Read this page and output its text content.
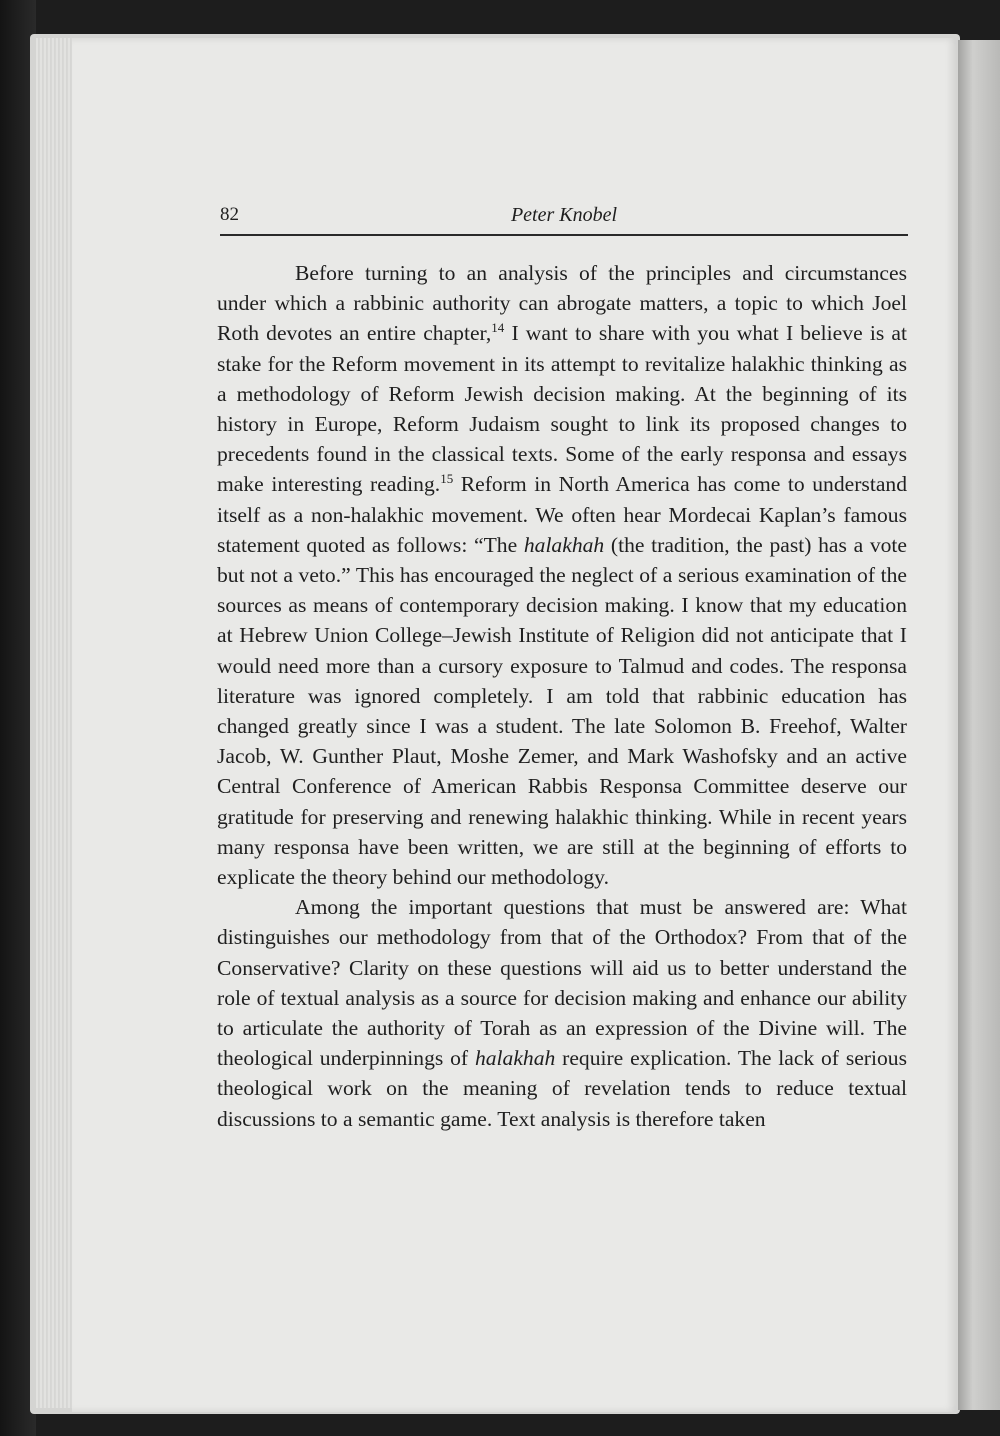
82	Peter Knobel

Before turning to an analysis of the principles and circumstances under which a rabbinic authority can abrogate matters, a topic to which Joel Roth devotes an entire chapter,$^{14}$ I want to share with you what I believe is at stake for the Reform movement in its attempt to revitalize halakhic thinking as a methodology of Reform Jewish decision making. At the beginning of its history in Europe, Reform Judaism sought to link its proposed changes to precedents found in the classical texts. Some of the early responsa and essays make interesting reading.$^{15}$ Reform in North America has come to understand itself as a non-halakhic movement. We often hear Mordecai Kaplan’s famous statement quoted as follows: “The halakhah (the tradition, the past) has a vote but not a veto.” This has encouraged the neglect of a serious examination of the sources as means of contemporary decision making. I know that my education at Hebrew Union College–Jewish Institute of Religion did not anticipate that I would need more than a cursory exposure to Talmud and codes. The responsa literature was ignored completely. I am told that rabbinic education has changed greatly since I was a student. The late Solomon B. Freehof, Walter Jacob, W. Gunther Plaut, Moshe Zemer, and Mark Washofsky and an active Central Conference of American Rabbis Responsa Committee deserve our gratitude for preserving and renewing halakhic thinking. While in recent years many responsa have been written, we are still at the beginning of efforts to explicate the theory behind our methodology.

Among the important questions that must be answered are: What distinguishes our methodology from that of the Orthodox? From that of the Conservative? Clarity on these questions will aid us to better understand the role of textual analysis as a source for decision making and enhance our ability to articulate the authority of Torah as an expression of the Divine will. The theological underpinnings of halakhah require explication. The lack of serious theological work on the meaning of revelation tends to reduce textual discussions to a semantic game. Text analysis is therefore taken
